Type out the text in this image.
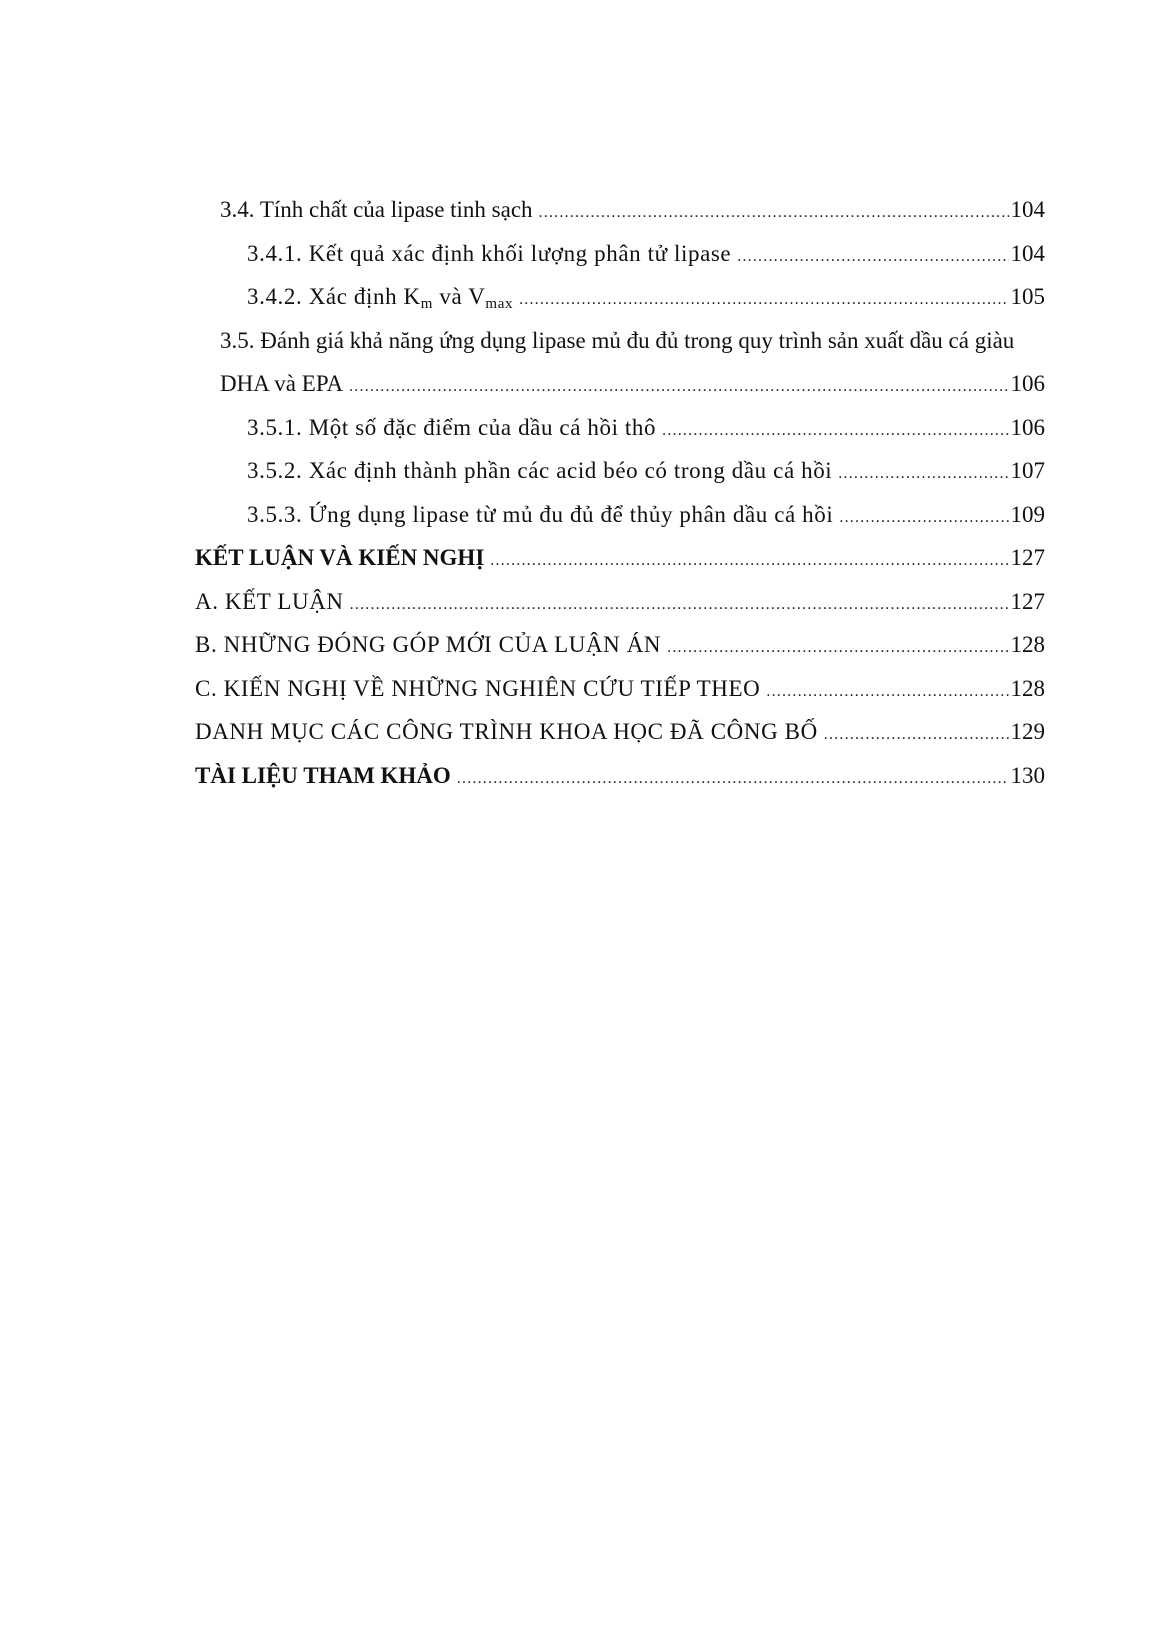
3.4. Tính chất của lipase tinh sạch .....	104
3.4.1. Kết quả xác định khối lượng phân tử lipase .....	104
3.4.2. Xác định $K_m$ và $V_{max}$ .....	105
3.5. Đánh giá khả năng ứng dụng lipase mủ đu đủ trong quy trình sản xuất dầu cá giàu
DHA và EPA .....	106
3.5.1. Một số đặc điểm của dầu cá hồi thô .....	106
3.5.2. Xác định thành phần các acid béo có trong dầu cá hồi .....	107
3.5.3. Ứng dụng lipase từ mủ đu đủ để thủy phân dầu cá hồi .....	109
KẾT LUẬN VÀ KIẾN NGHỊ .....	127
A. KẾT LUẬN .....	127
B. NHỮNG ĐÓNG GÓP MỚI CỦA LUẬN ÁN .....	128
C. KIẾN NGHỊ VỀ NHỮNG NGHIÊN CỨU TIẾP THEO .....	128
DANH MỤC CÁC CÔNG TRÌNH KHOA HỌC ĐÃ CÔNG BỐ .....	129
TÀI LIỆU THAM KHẢO .....	130
